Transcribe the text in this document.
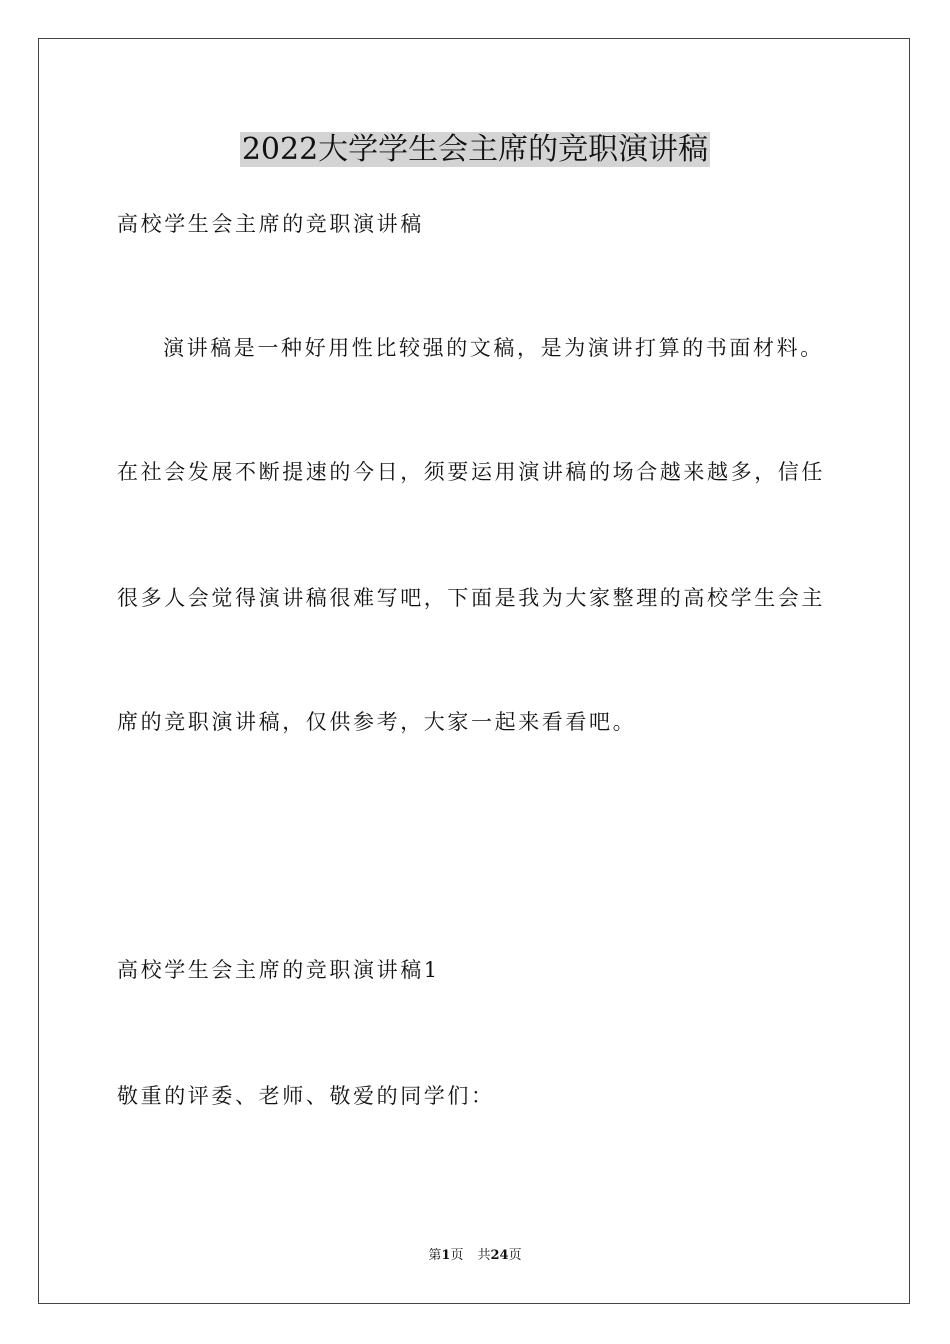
2022大学学生会主席的竞职演讲稿
高校学生会主席的竞职演讲稿
演讲稿是一种好用性比较强的文稿，是为演讲打算的书面材料。
在社会发展不断提速的今日，须要运用演讲稿的场合越来越多，信任
很多人会觉得演讲稿很难写吧，下面是我为大家整理的高校学生会主
席的竞职演讲稿，仅供参考，大家一起来看看吧。
高校学生会主席的竞职演讲稿1
敬重的评委、老师、敬爱的同学们：
第1页 共24页
